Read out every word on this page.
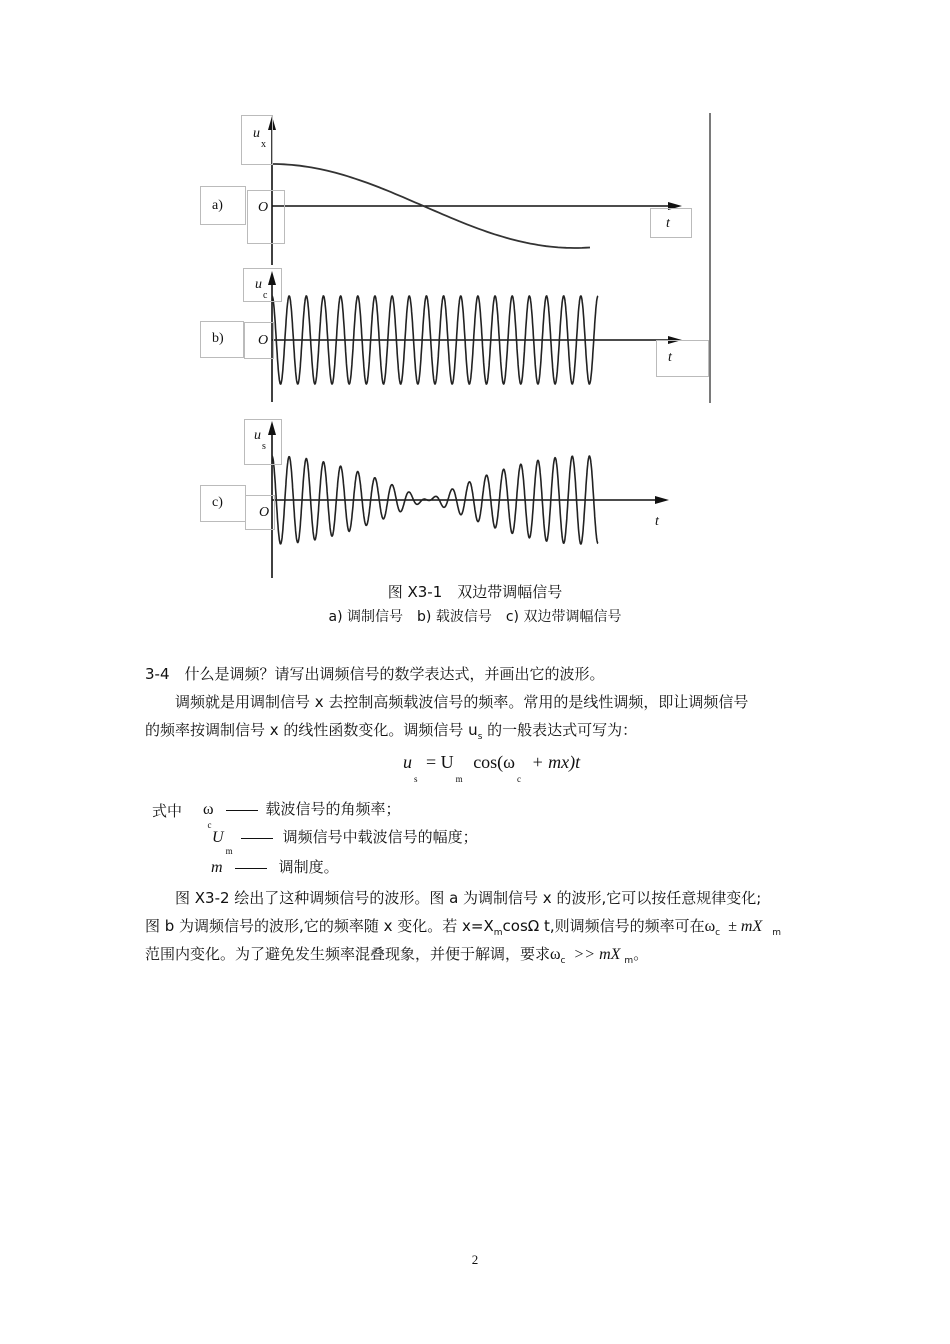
a)
u
x
O
t
b)
u
c
O
t
c)
u
s
O
t
图 X3-1　双边带调幅信号
a) 调制信号　b) 载波信号　c) 双边带调幅信号
3-4　什么是调频？请写出调频信号的数学表达式，并画出它的波形。
调频就是用调制信号 x 去控制高频载波信号的频率。常用的是线性调频，即让调频信号
的频率按调制信号 x 的线性函数变化。调频信号 $u_s$ 的一般表达式可写为：
$u_s = U_m$ $\cos(\omega_c + mx)t$
式中 $\omega_c$  载波信号的角频率；
$U_m$  调频信号中载波信号的幅度；
m	调制度。
图 X3-2 绘出了这种调频信号的波形。图 a 为调制信号 x 的波形,它可以按任意规律变化;
图 b 为调频信号的波形,它的频率随 x 变化。若 $x=X_m\cos\Omega$ t,则调频信号的频率可在$\omega_c$ ± mX $_m$
范围内变化。为了避免发生频率混叠现象，并便于解调，要求$\omega_c$ >> mX $_m$。
2
